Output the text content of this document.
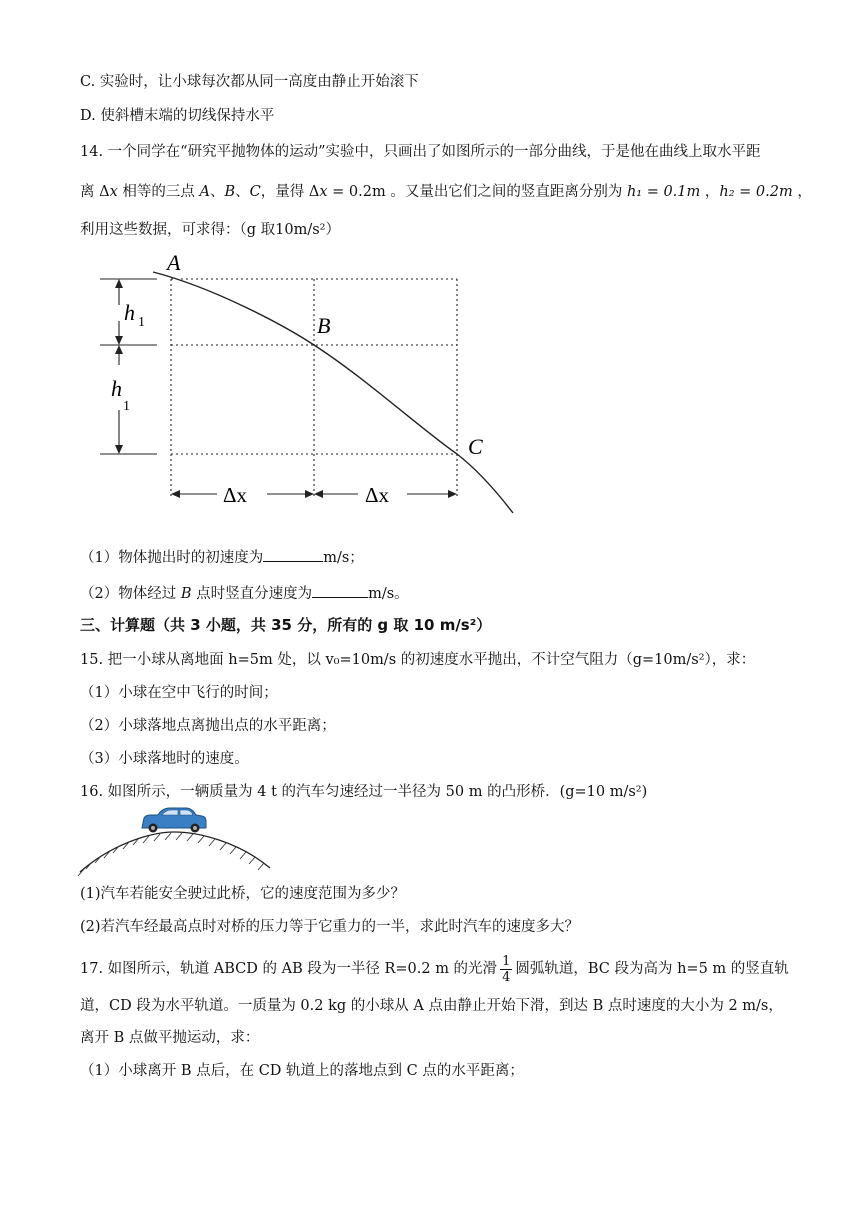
C. 实验时，让小球每次都从同一高度由静止开始滚下
D. 使斜槽末端的切线保持水平
14. 一个同学在“研究平抛物体的运动”实验中，只画出了如图所示的一部分曲线，于是他在曲线上取水平距
离 Δx 相等的三点 A、B、C，量得 Δx = 0.2m 。又量出它们之间的竖直距离分别为 h₁ = 0.1m ，h₂ = 0.2m ，
利用这些数据，可求得：（g 取10m/s²）
A
B
C
h 1
h
1
Δx	Δx
（1）物体抛出时的初速度为	m/s；
（2）物体经过 B 点时竖直分速度为	m/s。
三、计算题（共 3 小题，共 35 分，所有的 g 取 10 m/s²）
15. 把一小球从离地面 h=5m 处，以 v₀=10m/s 的初速度水平抛出，不计空气阻力（g=10m/s²），求：
（1）小球在空中飞行的时间；
（2）小球落地点离抛出点的水平距离；
（3）小球落地时的速度。
16. 如图所示，一辆质量为 4 t 的汽车匀速经过一半径为 50 m 的凸形桥．(g=10 m/s²)
(1)汽车若能安全驶过此桥，它的速度范围为多少？
(2)若汽车经最高点时对桥的压力等于它重力的一半，求此时汽车的速度多大？
17. 如图所示，轨道 ABCD 的 AB 段为一半径 R=0.2 m 的光滑 $\frac{1}{4}$ 圆弧轨道，BC 段为高为 h=5 m 的竖直轨
道，CD 段为水平轨道。一质量为 0.2 kg 的小球从 A 点由静止开始下滑，到达 B 点时速度的大小为 2 m/s，
离开 B 点做平抛运动，求：
（1）小球离开 B 点后，在 CD 轨道上的落地点到 C 点的水平距离；
